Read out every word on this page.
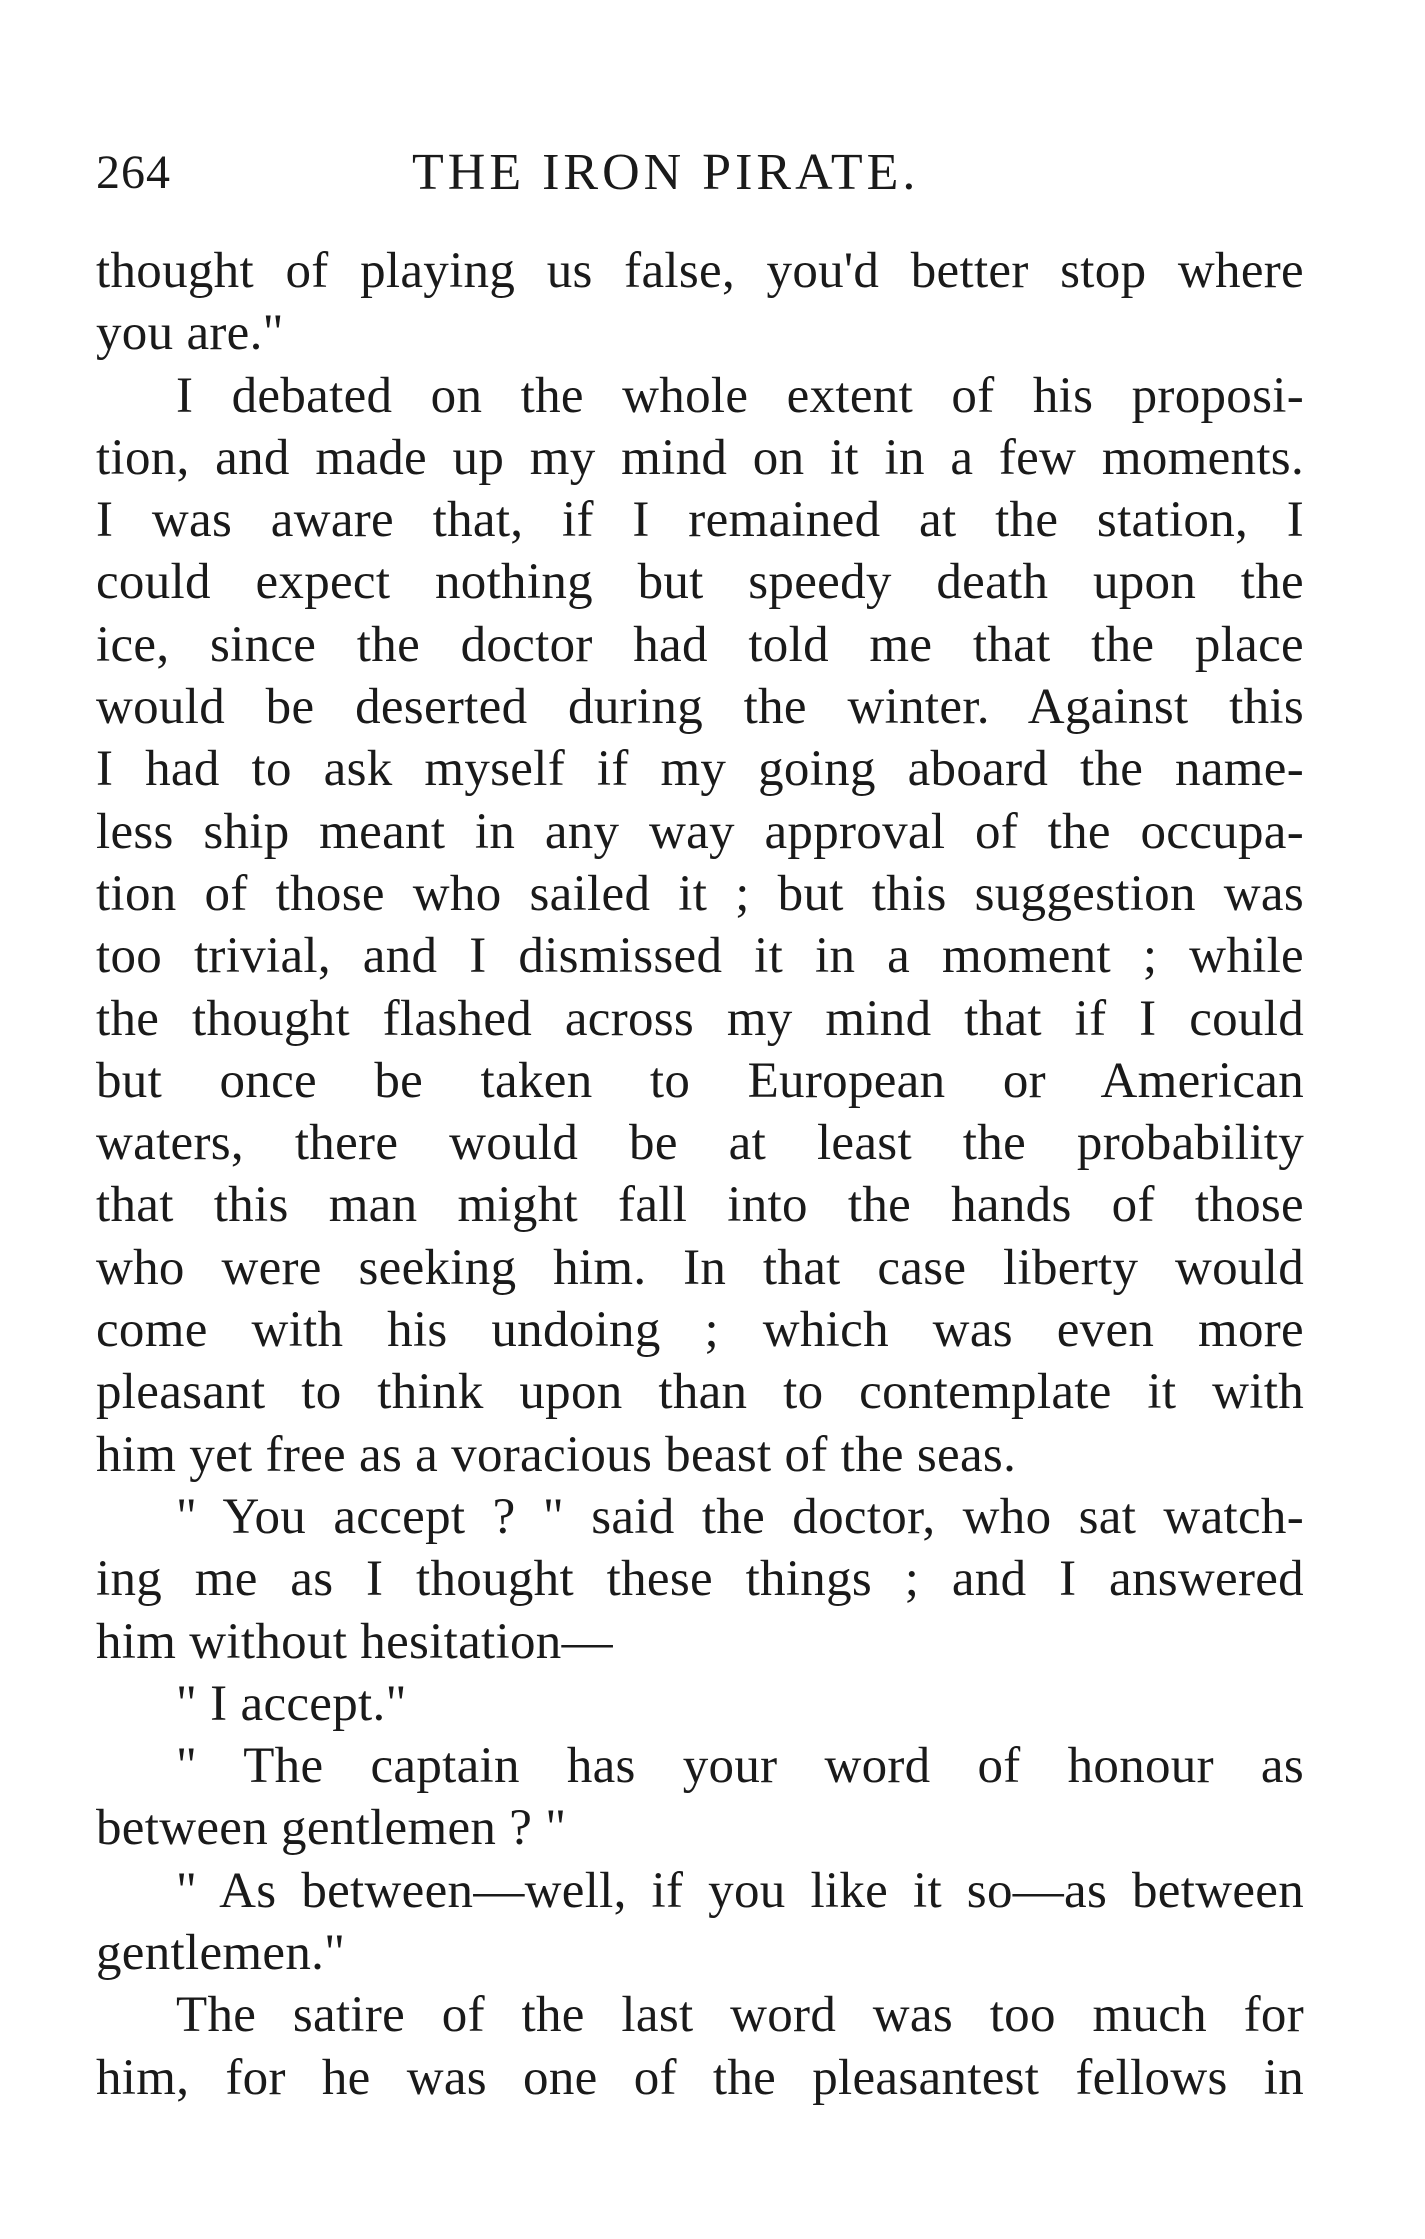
264	THE IRON PIRATE.
thought of playing us false, you'd better stop where
you are."
I debated on the whole extent of his proposi-
tion, and made up my mind on it in a few moments.
I was aware that, if I remained at the station, I
could expect nothing but speedy death upon the
ice, since the doctor had told me that the place
would be deserted during the winter. Against this
I had to ask myself if my going aboard the name-
less ship meant in any way approval of the occupa-
tion of those who sailed it ; but this suggestion was
too trivial, and I dismissed it in a moment ; while
the thought flashed across my mind that if I could
but once be taken to European or American
waters, there would be at least the probability
that this man might fall into the hands of those
who were seeking him. In that case liberty would
come with his undoing ; which was even more
pleasant to think upon than to contemplate it with
him yet free as a voracious beast of the seas.
" You accept ? " said the doctor, who sat watch-
ing me as I thought these things ; and I answered
him without hesitation—
" I accept."
" The captain has your word of honour as
between gentlemen ? "
" As between—well, if you like it so—as between
gentlemen."
The satire of the last word was too much for
him, for he was one of the pleasantest fellows in
